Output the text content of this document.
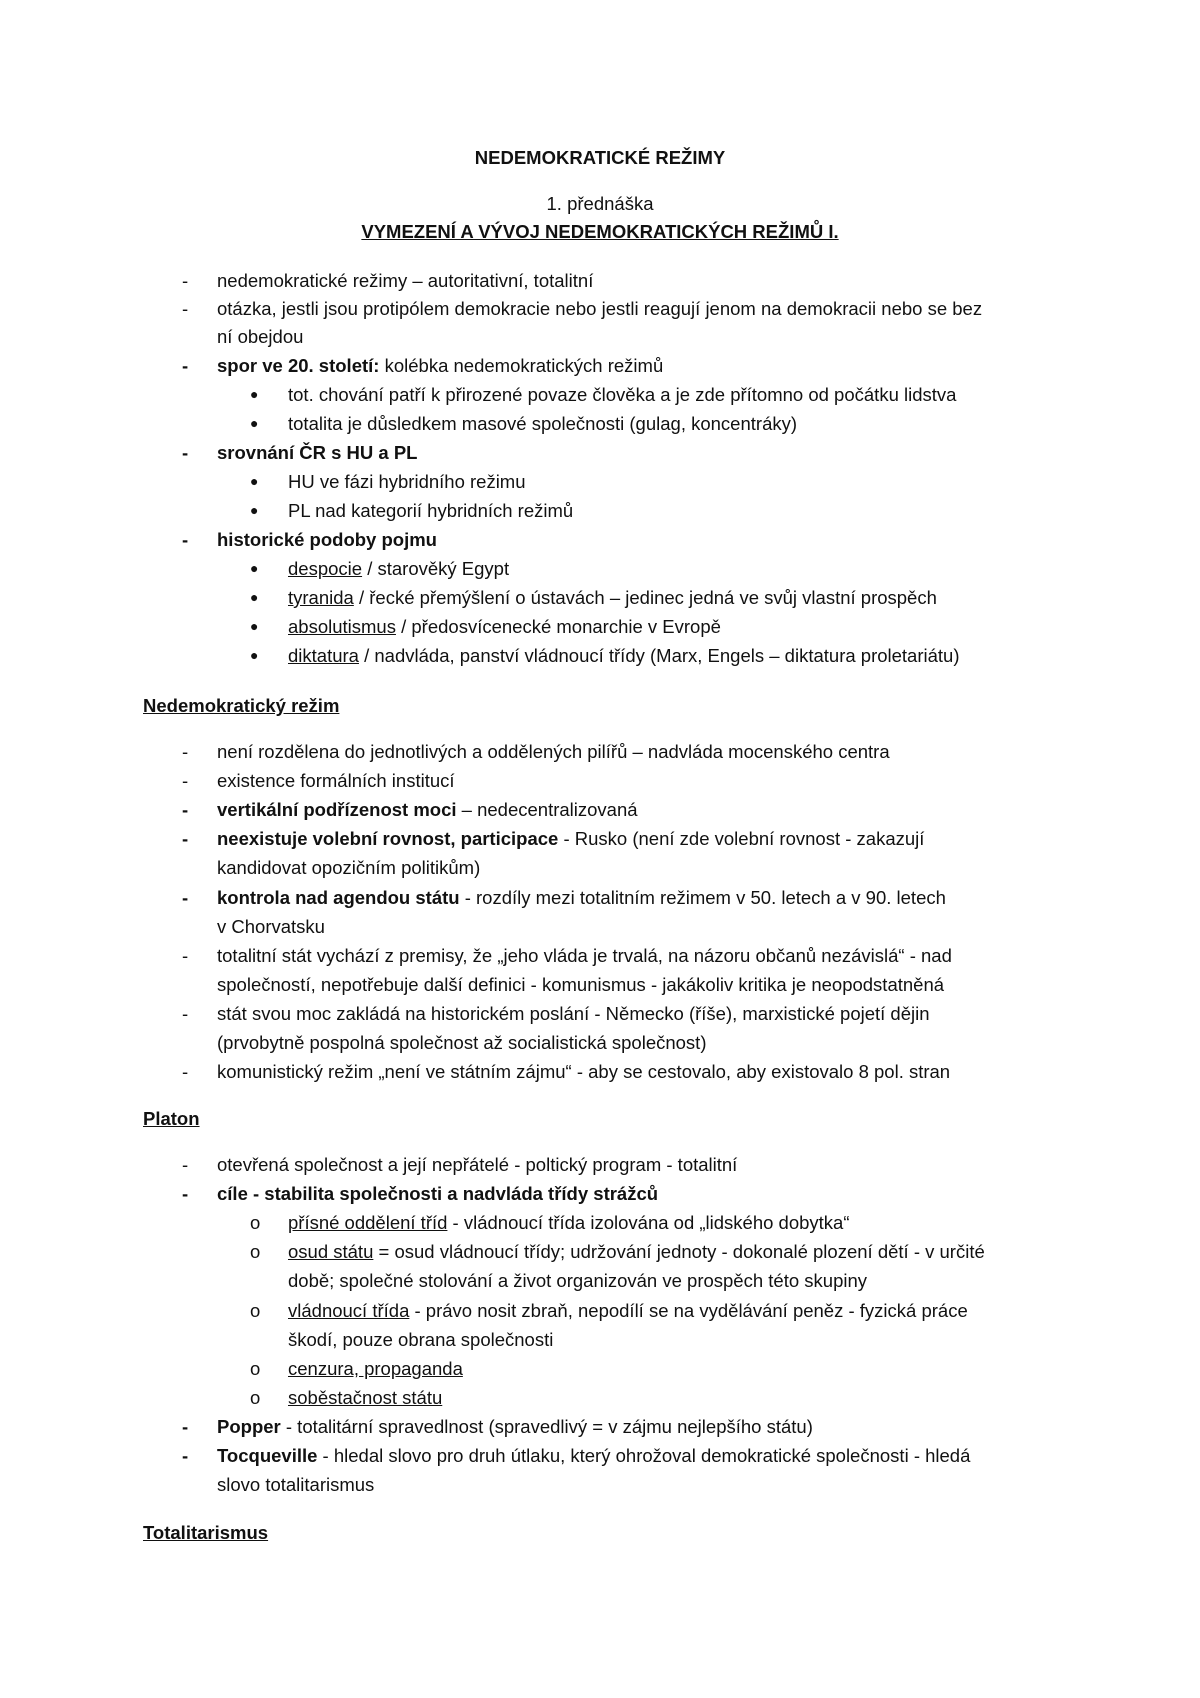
NEDEMOKRATICKÉ REŽIMY
1. přednáška
VYMEZENÍ A VÝVOJ NEDEMOKRATICKÝCH REŽIMŮ I.
-	nedemokratické režimy – autoritativní, totalitní
-	otázka, jestli jsou protipólem demokracie nebo jestli reagují jenom na demokracii nebo se bez
ní obejdou
-	spor ve 20. století: kolébka nedemokratických režimů
● tot. chování patří k přirozené povaze člověka a je zde přítomno od počátku lidstva
● totalita je důsledkem masové společnosti (gulag, koncentráky)
-	srovnání ČR s HU a PL
● HU ve fázi hybridního režimu
● PL nad kategorií hybridních režimů
-	historické podoby pojmu
● despocie / starověký Egypt
● tyranida / řecké přemýšlení o ústavách – jedinec jedná ve svůj vlastní prospěch
● absolutismus / předosvícenecké monarchie v Evropě
● diktatura / nadvláda, panství vládnoucí třídy (Marx, Engels – diktatura proletariátu)
Nedemokratický režim
-	není rozdělena do jednotlivých a oddělených pilířů – nadvláda mocenského centra
-	existence formálních institucí
-	vertikální podřízenost moci – nedecentralizovaná
-	neexistuje volební rovnost, participace - Rusko (není zde volební rovnost - zakazují
kandidovat opozičním politikům)
-	kontrola nad agendou státu - rozdíly mezi totalitním režimem v 50. letech a v 90. letech
v Chorvatsku
-	totalitní stát vychází z premisy, že „jeho vláda je trvalá, na názoru občanů nezávislá“ - nad
společností, nepotřebuje další definici - komunismus - jakákoliv kritika je neopodstatněná
-	stát svou moc zakládá na historickém poslání - Německo (říše), marxistické pojetí dějin
(prvobytně pospolná společnost až socialistická společnost)
-	komunistický režim „není ve státním zájmu“ - aby se cestovalo, aby existovalo 8 pol. stran
Platon
-	otevřená společnost a její nepřátelé - poltický program - totalitní
-	cíle - stabilita společnosti a nadvláda třídy strážců
o přísné oddělení tříd - vládnoucí třída izolována od „lidského dobytka“
o osud státu = osud vládnoucí třídy; udržování jednoty - dokonalé plození dětí - v určité
době; společné stolování a život organizován ve prospěch této skupiny
o vládnoucí třída - právo nosit zbraň, nepodílí se na vydělávání peněz - fyzická práce
škodí, pouze obrana společnosti
o cenzura, propaganda
o soběstačnost státu
-	Popper - totalitární spravedlnost (spravedlivý = v zájmu nejlepšího státu)
-	Tocqueville - hledal slovo pro druh útlaku, který ohrožoval demokratické společnosti - hledá
slovo totalitarismus
Totalitarismus
